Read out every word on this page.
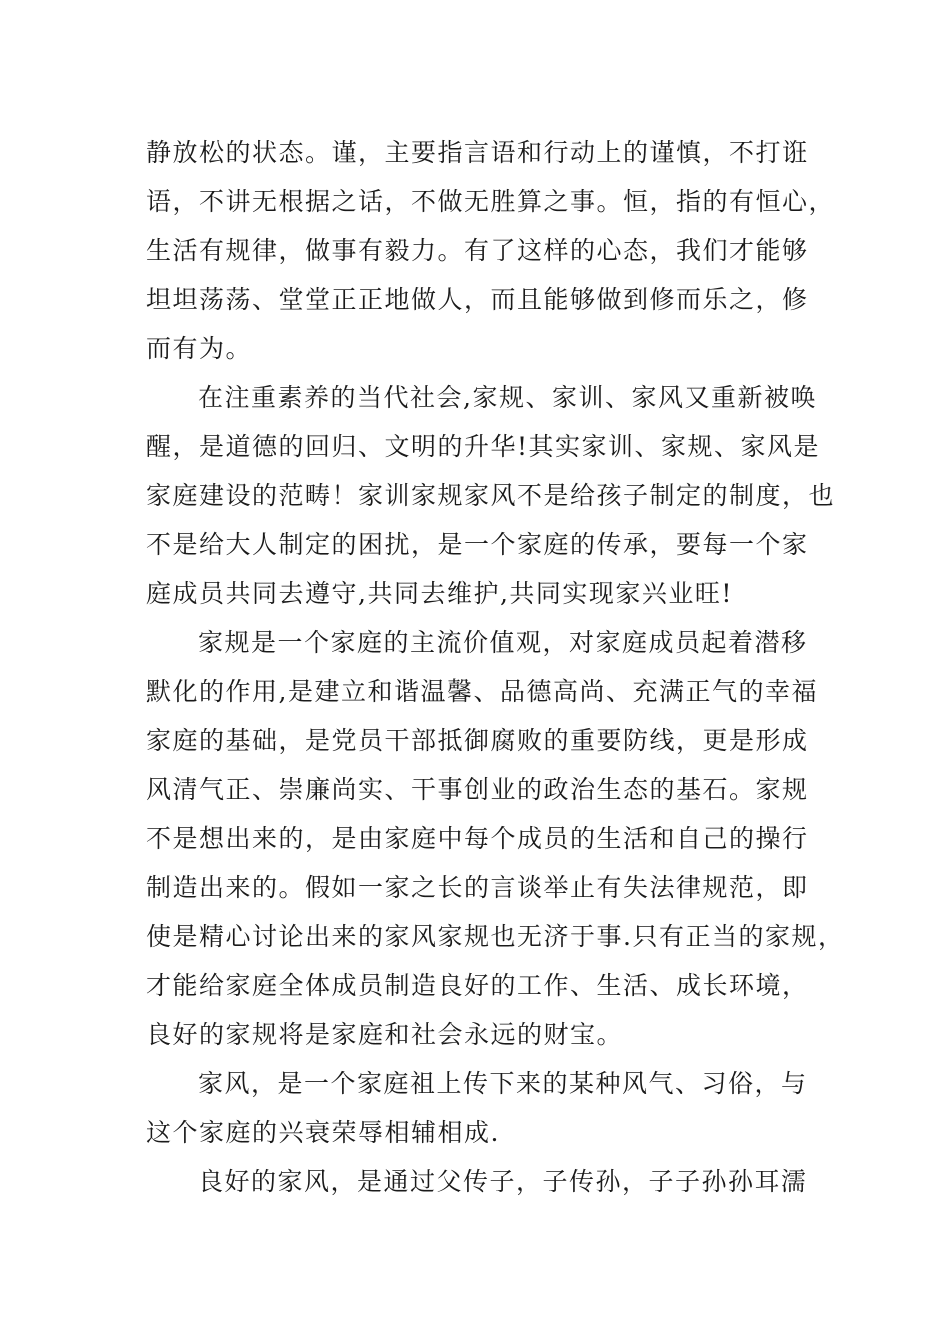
静放松的状态。谨，主要指言语和行动上的谨慎，不打诳
语，不讲无根据之话，不做无胜算之事。恒，指的有恒心，
生活有规律，做事有毅力。有了这样的心态，我们才能够
坦坦荡荡、堂堂正正地做人，而且能够做到修而乐之，修
而有为。
在注重素养的当代社会,家规、家训、家风又重新被唤
醒，是道德的回归、文明的升华!其实家训、家规、家风是
家庭建设的范畴！家训家规家风不是给孩子制定的制度，也
不是给大人制定的困扰，是一个家庭的传承，要每一个家
庭成员共同去遵守,共同去维护,共同实现家兴业旺!
家规是一个家庭的主流价值观，对家庭成员起着潜移
默化的作用,是建立和谐温馨、品德高尚、充满正气的幸福
家庭的基础，是党员干部抵御腐败的重要防线，更是形成
风清气正、崇廉尚实、干事创业的政治生态的基石。家规
不是想出来的，是由家庭中每个成员的生活和自己的操行
制造出来的。假如一家之长的言谈举止有失法律规范，即
使是精心讨论出来的家风家规也无济于事.只有正当的家规，
才能给家庭全体成员制造良好的工作、生活、成长环境，
良好的家规将是家庭和社会永远的财宝。
家风，是一个家庭祖上传下来的某种风气、习俗，与
这个家庭的兴衰荣辱相辅相成.
良好的家风，是通过父传子，子传孙，子子孙孙耳濡
